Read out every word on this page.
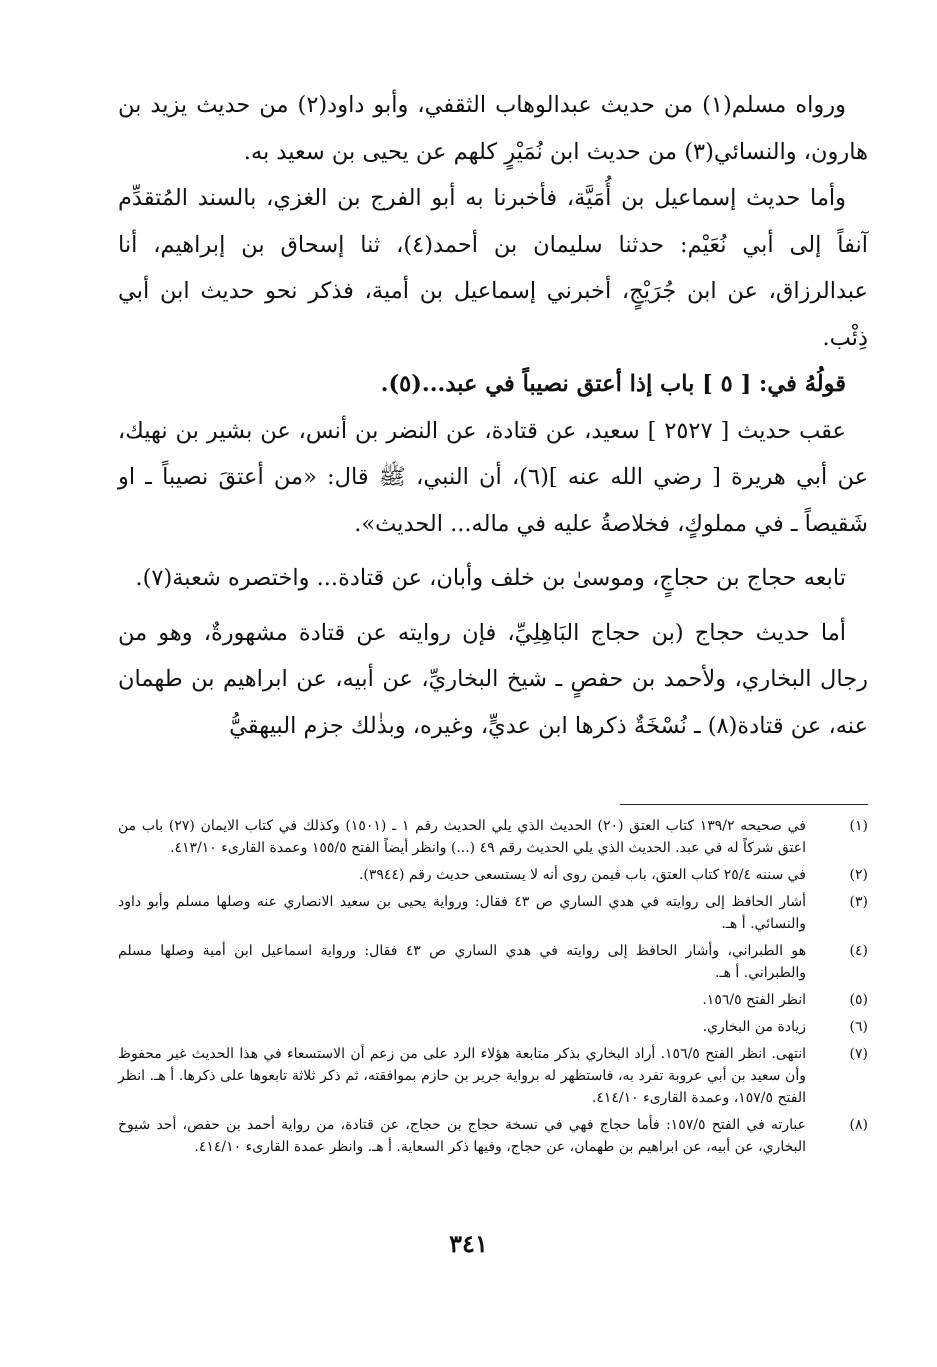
ورواه مسلم(١) من حديث عبدالوهاب الثقفي، وأبو داود(٢) من حديث يزيد بن هارون، والنسائي(٣) من حديث ابن نُمَيْرٍ كلهم عن يحيى بن سعيد به.

وأما حديث إسماعيل بن أُمَيَّة، فأخبرنا به أبو الفرج بن الغزي، بالسند المُتقدِّم آنفاً إلى أبي نُعَيْم: حدثنا سليمان بن أحمد(٤)، ثنا إسحاق بن إبراهيم، أنا عبدالرزاق، عن ابن جُرَيْجٍ، أخبرني إسماعيل بن أمية، فذكر نحو حديث ابن أبي ذِئْب.

قولُهُ في: [ ٥ ] باب إذا أعتق نصيباً في عبد...(٥).

عقب حديث [ ٢٥٢٧ ] سعيد، عن قتادة، عن النضر بن أنس، عن بشير بن نهيك، عن أبي هريرة [ رضي الله عنه ](٦)، أن النبي، ﷺ قال: «من أعتقَ نصيباً ـ او شَقيصاً ـ في مملوكٍ، فخلاصةُ عليه في ماله... الحديث».

تابعه حجاج بن حجاجٍ، وموسىٰ بن خلف وأبان، عن قتادة... واختصره شعبة(٧).

أما حديث حجاج (بن حجاج البَاهِلِيِّ، فإن روايته عن قتادة مشهورةٌ، وهو من رجال البخاري، ولأحمد بن حفصٍ ـ شيخ البخاريِّ، عن أبيه، عن ابراهيم بن طهمان عنه، عن قتادة(٨) ـ نُسْخَةٌ ذكرها ابن عديٍّ، وغيره، وبذٰلك جزم البيهقيُّ

(١)
في صحيحه ١٣٩/٢ كتاب العتق (٢٠) الحديث الذي يلي الحديث رقم ١ ـ (١٥٠١) وكذلك في كتاب الايمان (٢٧) باب من اعتق شركاً له في عبد. الحديث الذي يلي الحديث رقم ٤٩ (...) وانظر أيضاً الفتح ١٥٥/٥ وعمدة القارىء ٤١٣/١٠.
(٢)
في سننه ٢٥/٤ كتاب العتق، باب فيمن روى أنه لا يستسعى حديث رقم (٣٩٤٤).
(٣)
أشار الحافظ إلى روايته في هدي الساري ص ٤٣ فقال: ورواية يحيى بن سعيد الانصاري عنه وصلها مسلم وأبو داود والنسائي. أ هـ.
(٤)
هو الطبراني، وأشار الحافظ إلى روايته في هدي الساري ص ٤٣ فقال: ورواية اسماعيل ابن أمية وصلها مسلم والطبراني. أ هـ.
(٥)
انظر الفتح ١٥٦/٥.
(٦)
زيادة من البخاري.
(٧)
انتهى. انظر الفتح ١٥٦/٥. أراد البخاري بذكر متابعة هؤلاء الرد على من زعم أن الاستسعاء في هذا الحديث غير محفوظ وأن سعيد بن أبي عروبة تفرد به، فاستظهر له برواية جرير بن حازم بموافقته، ثم ذكر ثلاثة تابعوها على ذكرها. أ هـ. انظر الفتح ١٥٧/٥، وعمدة القارىء ٤١٤/١٠.
(٨)
عبارته في الفتح ١٥٧/٥: فأما حجاج فهي في نسخة حجاج بن حجاج، عن قتادة، من رواية أحمد بن حفص، أحد شيوخ البخاري، عن أبيه، عن ابراهيم بن طهمان، عن حجاج، وفيها ذكر السعاية. أ هـ. وانظر عمدة القارىء ٤١٤/١٠.
٣٤١
